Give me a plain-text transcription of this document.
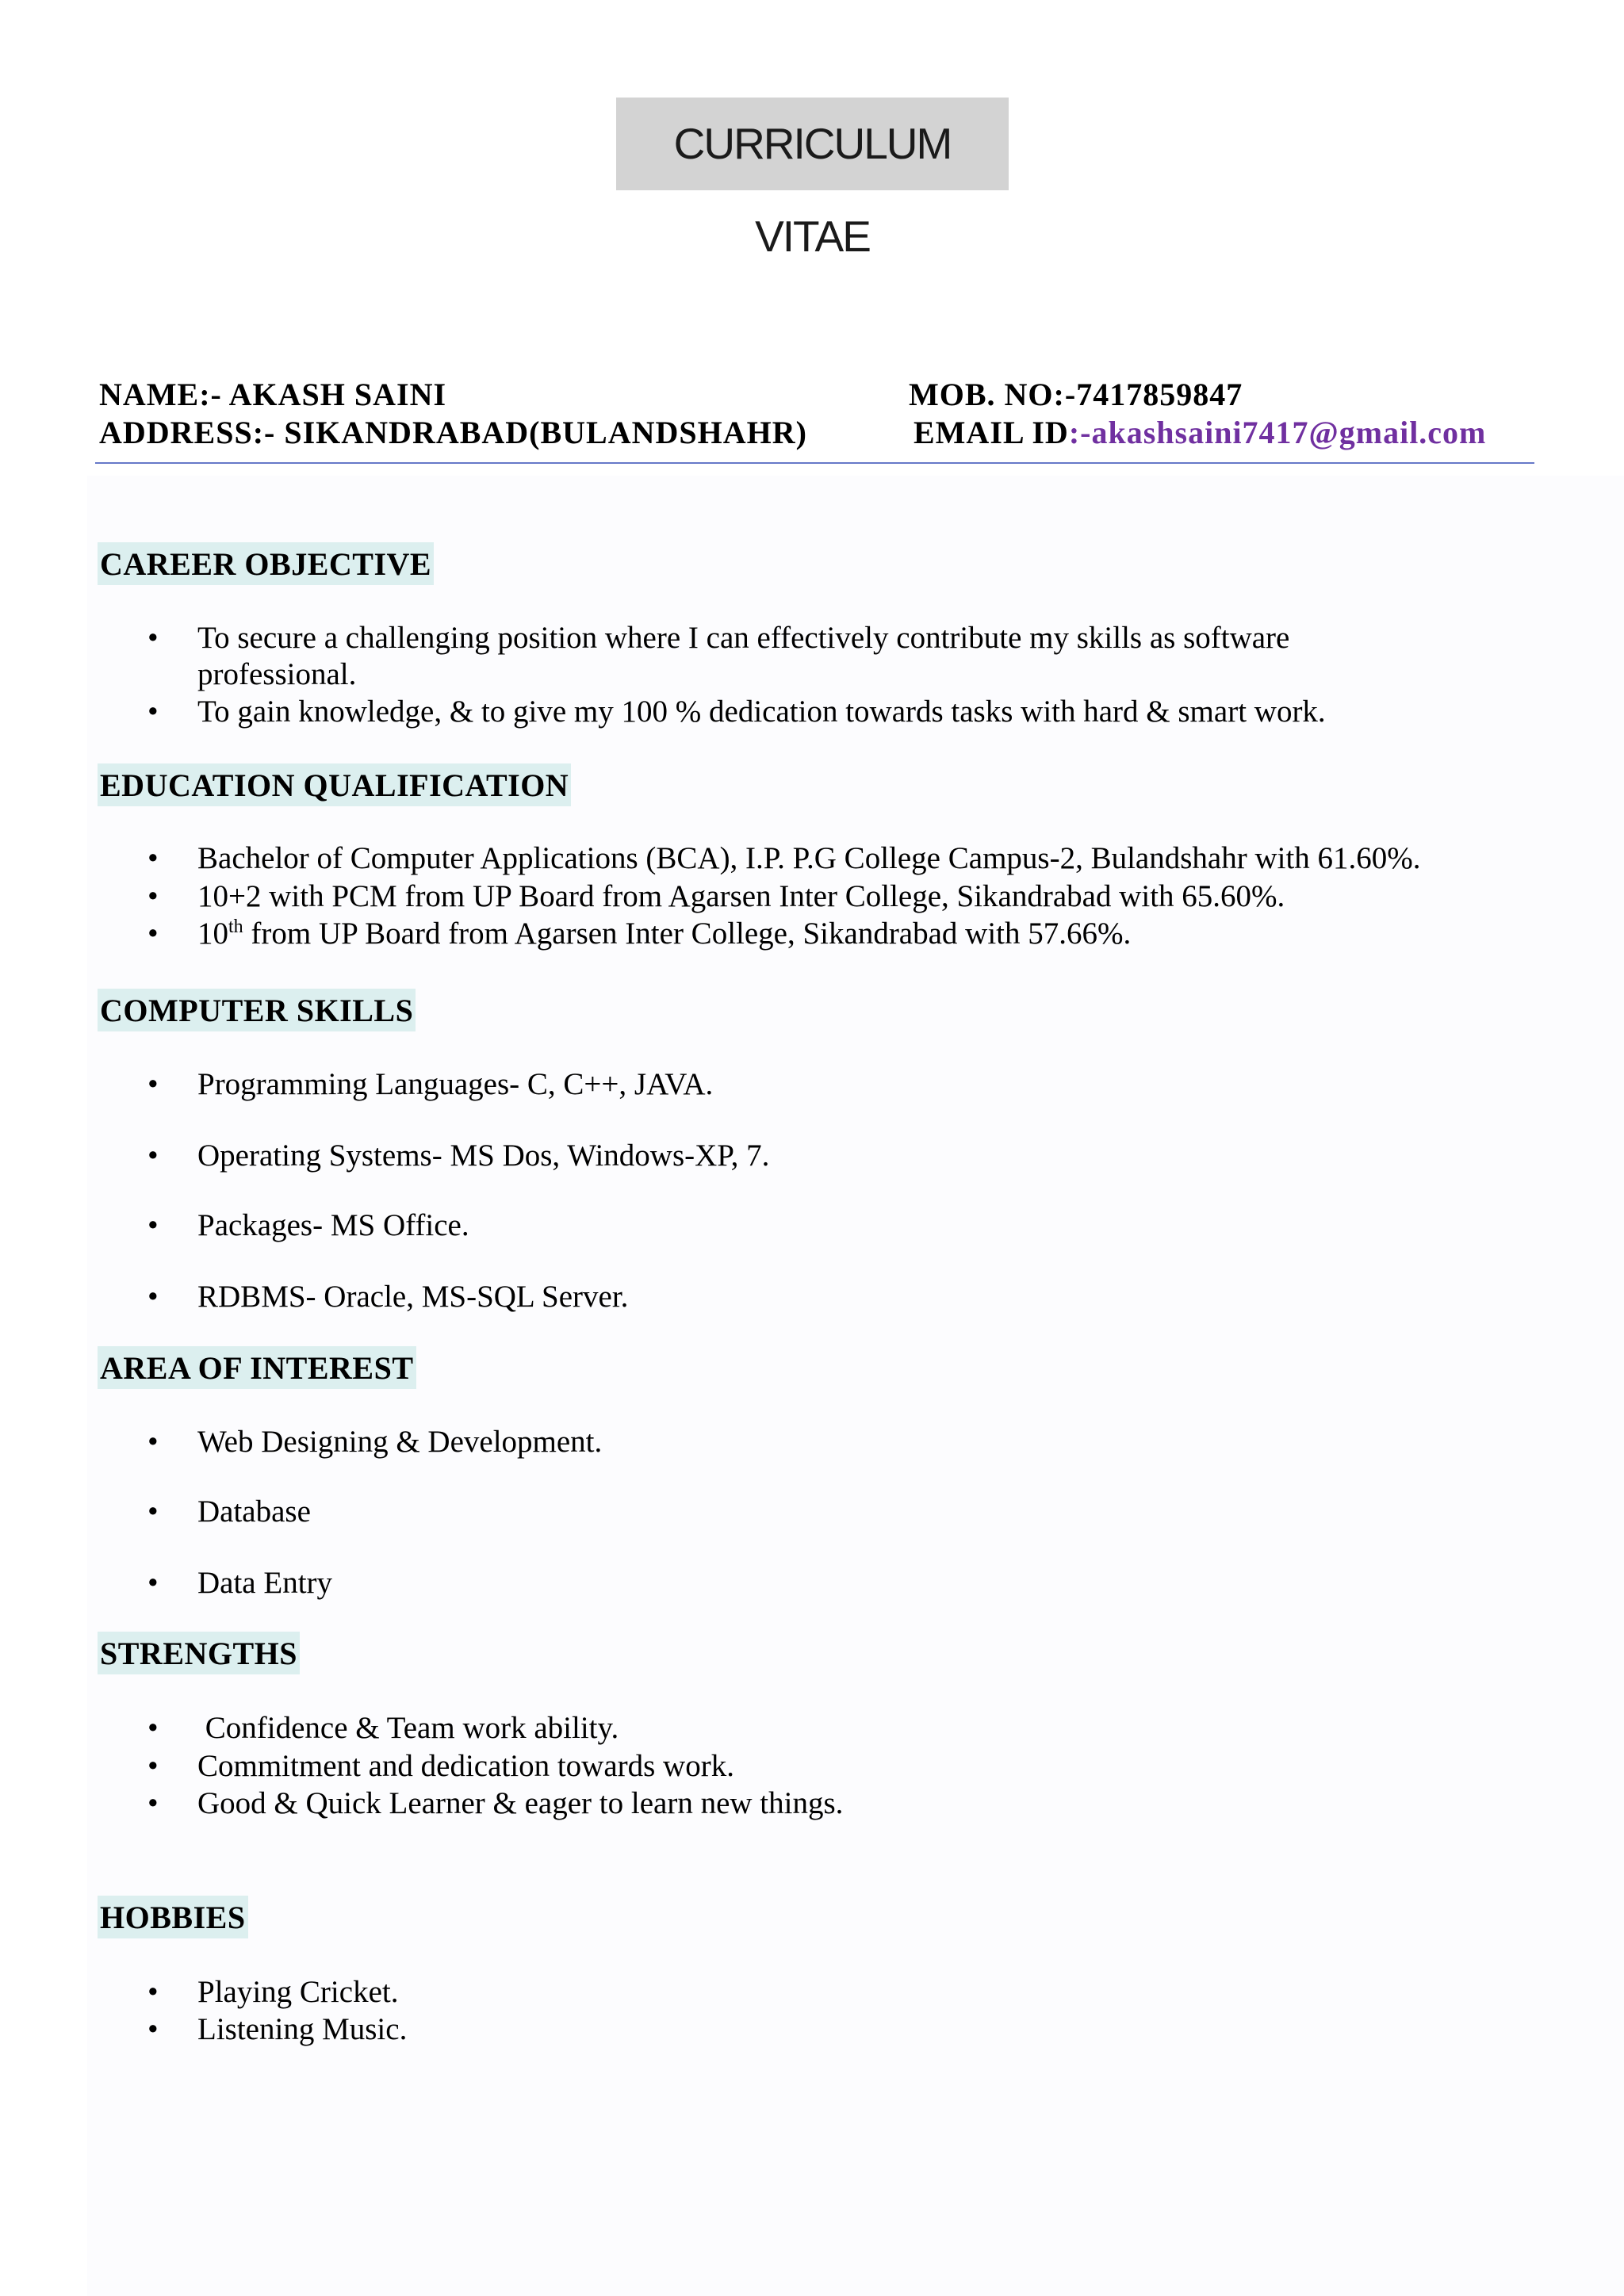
CURRICULUM VITAE
NAME:- AKASH SAINI	MOB. NO:-7417859847
ADDRESS:- SIKANDRABAD(BULANDSHAHR)	EMAIL ID:-akashsaini7417@gmail.com
CAREER OBJECTIVE
• To secure a challenging position where I can effectively contribute my skills as software
professional.
• To gain knowledge, & to give my 100 % dedication towards tasks with hard & smart work.
EDUCATION QUALIFICATION
• Bachelor of Computer Applications (BCA), I.P. P.G College Campus-2, Bulandshahr with 61.60%.
• 10+2 with PCM from UP Board from Agarsen Inter College, Sikandrabad with 65.60%.
• 10th from UP Board from Agarsen Inter College, Sikandrabad with 57.66%.
COMPUTER SKILLS
• Programming Languages- C, C++, JAVA.
• Operating Systems- MS Dos, Windows-XP, 7.
• Packages- MS Office.
• RDBMS- Oracle, MS-SQL Server.
AREA OF INTEREST
• Web Designing & Development.
• Database
• Data Entry
STRENGTHS
• Confidence & Team work ability.
• Commitment and dedication towards work.
• Good & Quick Learner & eager to learn new things.
HOBBIES
• Playing Cricket.
• Listening Music.
